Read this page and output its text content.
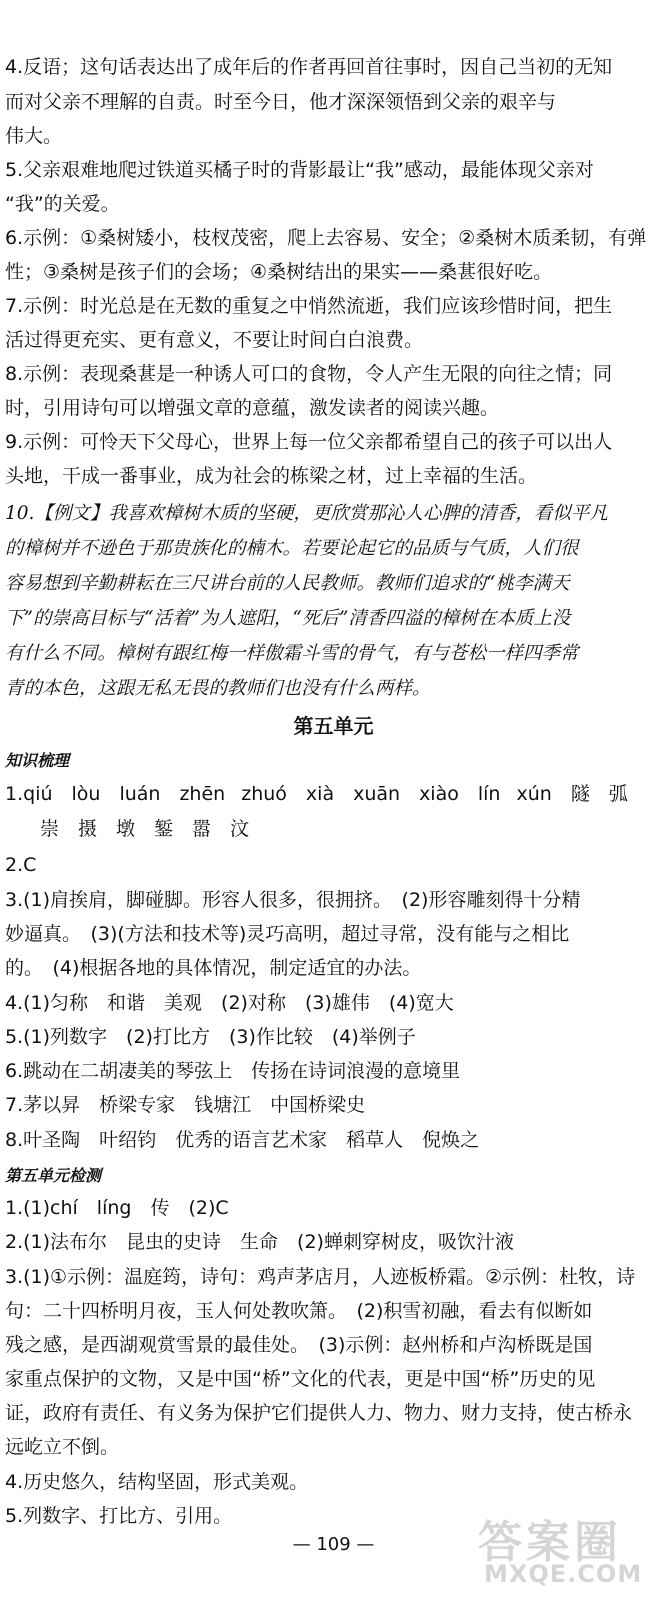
4.反语；这句话表达出了成年后的作者再回首往事时，因自己当初的无知
而对父亲不理解的自责。时至今日，他才深深领悟到父亲的艰辛与
伟大。
5.父亲艰难地爬过铁道买橘子时的背影最让“我”感动，最能体现父亲对
“我”的关爱。
6.示例：①桑树矮小，枝杈茂密，爬上去容易、安全；②桑树木质柔韧，有弹
性；③桑树是孩子们的会场；④桑树结出的果实——桑葚很好吃。
7.示例：时光总是在无数的重复之中悄然流逝，我们应该珍惜时间，把生
活过得更充实、更有意义，不要让时间白白浪费。
8.示例：表现桑葚是一种诱人可口的食物，令人产生无限的向往之情；同
时，引用诗句可以增强文章的意蕴，激发读者的阅读兴趣。
9.示例：可怜天下父母心，世界上每一位父亲都希望自己的孩子可以出人
头地，干成一番事业，成为社会的栋梁之材，过上幸福的生活。
10.【例文】我喜欢樟树木质的坚硬，更欣赏那沁人心脾的清香，看似平凡
的樟树并不逊色于那贵族化的楠木。若要论起它的品质与气质，人们很
容易想到辛勤耕耘在三尺讲台前的人民教师。教师们追求的“桃李满天
下”的崇高目标与“活着”为人遮阳，“死后”清香四溢的樟树在本质上没
有什么不同。樟树有跟红梅一样傲霜斗雪的骨气，有与苍松一样四季常
青的本色，这跟无私无畏的教师们也没有什么两样。
第五单元
知识梳理
1.qiú　lòu　luán　zhēn zhuó　xià　xuān　xiào　lín xún　隧　弧
崇　摄　墩　錾　嚣　汶
2.C
3.(1)肩挨肩，脚碰脚。形容人很多，很拥挤。　(2)形容雕刻得十分精
妙逼真。　(3)(方法和技术等)灵巧高明，超过寻常，没有能与之相比
的。　(4)根据各地的具体情况，制定适宜的办法。
4.(1)匀称　和谐　美观　(2)对称　(3)雄伟　(4)宽大
5.(1)列数字　(2)打比方　(3)作比较　(4)举例子
6.跳动在二胡凄美的琴弦上　传扬在诗词浪漫的意境里
7.茅以昇　桥梁专家　钱塘江　中国桥梁史
8.叶圣陶　叶绍钧　优秀的语言艺术家　稻草人　倪焕之
第五单元检测
1.(1)chí　líng　传　(2)C
2.(1)法布尔　昆虫的史诗　生命　(2)蝉刺穿树皮，吸饮汁液
3.(1)①示例：温庭筠，诗句：鸡声茅店月，人迹板桥霜。②示例：杜牧，诗
句：二十四桥明月夜，玉人何处教吹箫。　(2)积雪初融，看去有似断如
残之感，是西湖观赏雪景的最佳处。　(3)示例：赵州桥和卢沟桥既是国
家重点保护的文物，又是中国“桥”文化的代表，更是中国“桥”历史的见
证，政府有责任、有义务为保护它们提供人力、物力、财力支持，使古桥永
远屹立不倒。
4.历史悠久，结构坚固，形式美观。
5.列数字、打比方、引用。
— 109 —	答案圈
MXQE.COM
